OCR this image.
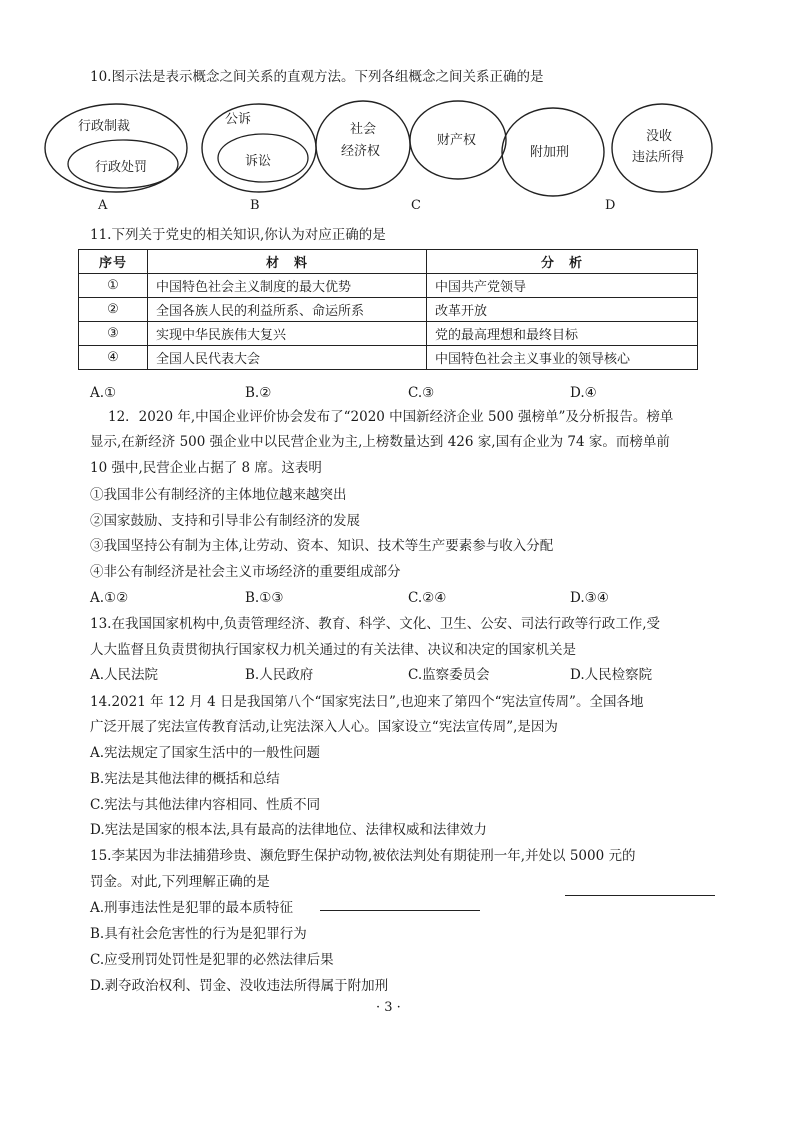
10.图示法是表示概念之间关系的直观方法。下列各组概念之间关系正确的是
行政制裁
行政处罚
公诉
诉讼
社会
经济权
财产权
附加刑
没收
违法所得
A	B	C	D
11.下列关于党史的相关知识,你认为对应正确的是
序号	材　料	分　析
①	中国特色社会主义制度的最大优势	中国共产党领导
②	全国各族人民的利益所系、命运所系	改革开放
③	实现中华民族伟大复兴	党的最高理想和最终目标
④	全国人民代表大会	中国特色社会主义事业的领导核心
A.①	B.②	C.③	D.④
12．2020 年,中国企业评价协会发布了“2020 中国新经济企业 500 强榜单”及分析报告。榜单
显示,在新经济 500 强企业中以民营企业为主,上榜数量达到 426 家,国有企业为 74 家。而榜单前
10 强中,民营企业占据了 8 席。这表明
①我国非公有制经济的主体地位越来越突出
②国家鼓励、支持和引导非公有制经济的发展
③我国坚持公有制为主体,让劳动、资本、知识、技术等生产要素参与收入分配
④非公有制经济是社会主义市场经济的重要组成部分
A.①②	B.①③	C.②④	D.③④
13.在我国国家机构中,负责管理经济、教育、科学、文化、卫生、公安、司法行政等行政工作,受
人大监督且负责贯彻执行国家权力机关通过的有关法律、决议和决定的国家机关是
A.人民法院	B.人民政府	C.监察委员会	D.人民检察院
14.2021 年 12 月 4 日是我国第八个“国家宪法日”,也迎来了第四个“宪法宣传周”。全国各地
广泛开展了宪法宣传教育活动,让宪法深入人心。国家设立“宪法宣传周”,是因为
A.宪法规定了国家生活中的一般性问题
B.宪法是其他法律的概括和总结
C.宪法与其他法律内容相同、性质不同
D.宪法是国家的根本法,具有最高的法律地位、法律权威和法律效力
15.李某因为非法捕猎珍贵、濒危野生保护动物,被依法判处有期徒刑一年,并处以 5000 元的
罚金。对此,下列理解正确的是
A.刑事违法性是犯罪的最本质特征
B.具有社会危害性的行为是犯罪行为
C.应受刑罚处罚性是犯罪的必然法律后果
D.剥夺政治权利、罚金、没收违法所得属于附加刑
· 3 ·
